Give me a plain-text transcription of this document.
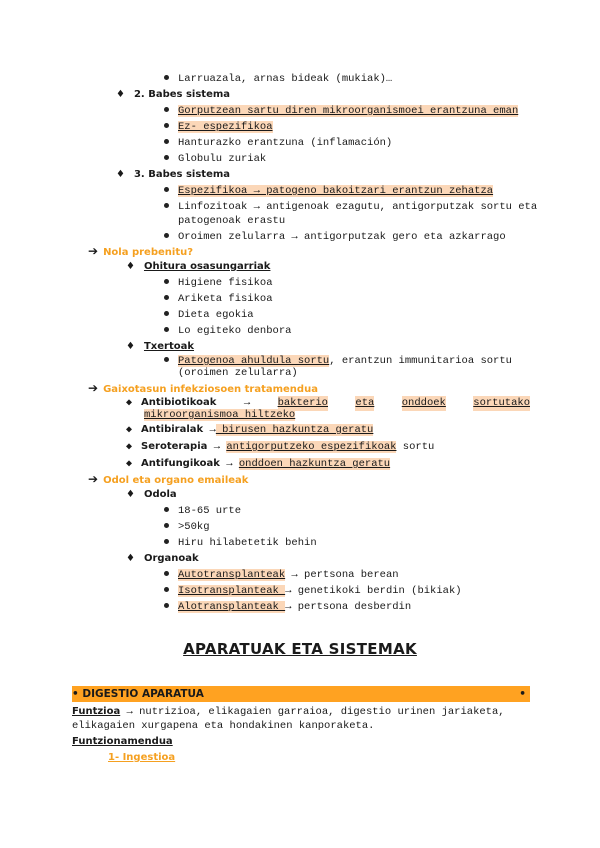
Larruazala, arnas bideak (mukiak)…
♦ 2. Babes sistema
Gorputzean sartu diren mikroorganismoei erantzuna eman
Ez- espezifikoa
Hanturazko erantzuna (inflamación)
Globulu zuriak
♦ 3. Babes sistema
Espezifikoa → patogeno bakoitzari erantzun zehatza
Linfozitoak → antigenoak ezagutu, antigorputzak sortu eta
patogenoak erastu
Oroimen zelularra → antigorputzak gero eta azkarrago
➔ Nola prebenitu?
♦ Ohitura osasungarriak
Higiene fisikoa
Ariketa fisikoa
Dieta egokia
Lo egiteko denbora
♦ Txertoak
Patogenoa ahuldula sortu, erantzun immunitarioa sortu
(oroimen zelularra)
➔ Gaixotasun infekziosoen tratamendua
◆ Antibiotikoak	→	bakterio	eta	onddoek	sortutako
mikroorganismoa hiltzeko
◆ Antibiralak → birusen hazkuntza geratu
◆ Seroterapia → antigorputzeko espezifikoak sortu
◆ Antifungikoak → onddoen hazkuntza geratu
➔ Odol eta organo emaileak
♦ Odola
18-65 urte
>50kg
Hiru hilabetetik behin
♦ Organoak
Autotransplanteak → pertsona berean
Isotransplanteak → genetikoki berdin (bikiak)
Alotransplanteak → pertsona desberdin
APARATUAK ETA SISTEMAK
• DIGESTIO APARATUA	•
Funtzioa → nutrizioa, elikagaien garraioa, digestio urinen jariaketa,
elikagaien xurgapena eta hondakinen kanporaketa.
Funtzionamendua
1- Ingestioa
